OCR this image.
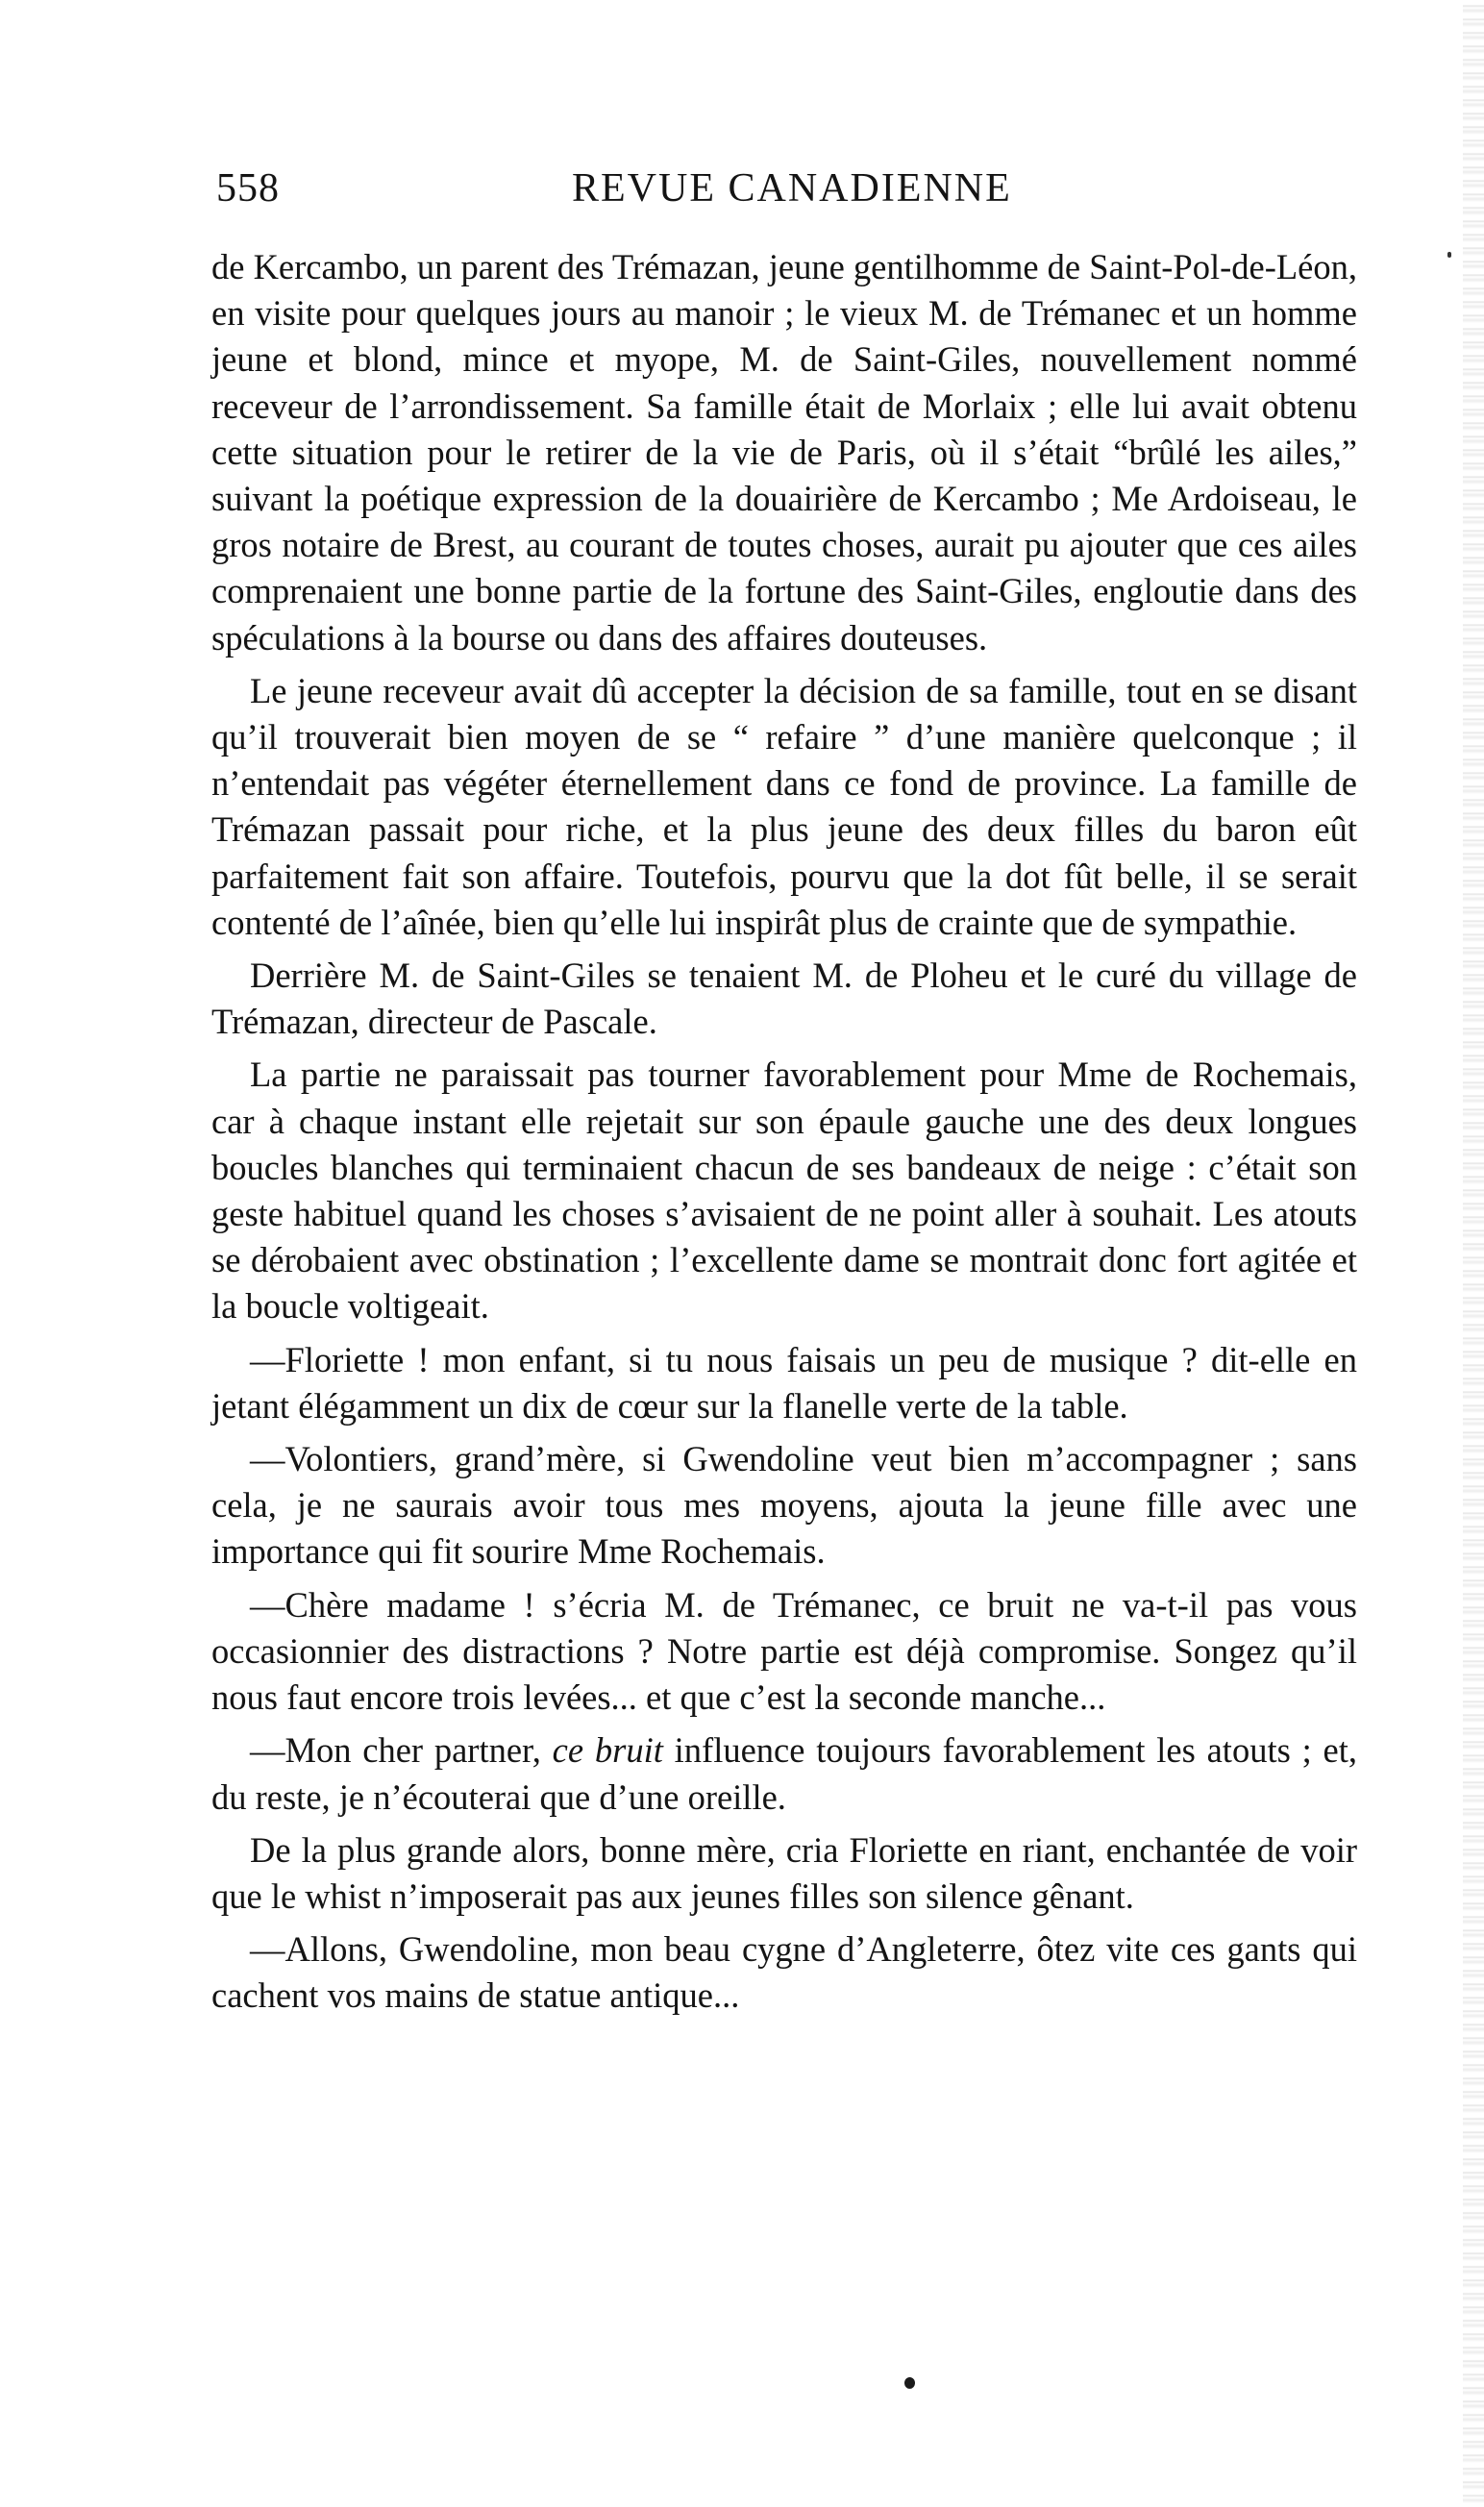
558	REVUE CANADIENNE

de Kercambo, un parent des Trémazan, jeune gentilhomme de Saint-Pol-de-Léon, en visite pour quelques jours au manoir ; le vieux M. de Trémanec et un homme jeune et blond, mince et myope, M. de Saint-Giles, nouvellement nommé receveur de l’arrondissement. Sa famille était de Morlaix ; elle lui avait obtenu cette situation pour le retirer de la vie de Paris, où il s’était “brûlé les ailes,” suivant la poétique expression de la douairière de Kercambo ; Me Ardoiseau, le gros notaire de Brest, au courant de toutes choses, aurait pu ajouter que ces ailes comprenaient une bonne partie de la fortune des Saint-Giles, engloutie dans des spéculations à la bourse ou dans des affaires douteuses.

Le jeune receveur avait dû accepter la décision de sa famille, tout en se disant qu’il trouverait bien moyen de se “ refaire ” d’une manière quelconque ; il n’entendait pas végéter éternellement dans ce fond de province. La famille de Trémazan passait pour riche, et la plus jeune des deux filles du baron eût parfaitement fait son affaire. Toutefois, pourvu que la dot fût belle, il se serait contenté de l’aînée, bien qu’elle lui inspirât plus de crainte que de sympathie.

Derrière M. de Saint-Giles se tenaient M. de Ploheu et le curé du village de Trémazan, directeur de Pascale.

La partie ne paraissait pas tourner favorablement pour Mme de Rochemais, car à chaque instant elle rejetait sur son épaule gauche une des deux longues boucles blanches qui terminaient chacun de ses bandeaux de neige : c’était son geste habituel quand les choses s’avisaient de ne point aller à souhait. Les atouts se dérobaient avec obstination ; l’excellente dame se montrait donc fort agitée et la boucle voltigeait.

—Floriette ! mon enfant, si tu nous faisais un peu de musique ? dit-elle en jetant élégamment un dix de cœur sur la flanelle verte de la table.

—Volontiers, grand’mère, si Gwendoline veut bien m’accompagner ; sans cela, je ne saurais avoir tous mes moyens, ajouta la jeune fille avec une importance qui fit sourire Mme Rochemais.

—Chère madame ! s’écria M. de Trémanec, ce bruit ne va-t-il pas vous occasionnier des distractions ? Notre partie est déjà compromise. Songez qu’il nous faut encore trois levées... et que c’est la seconde manche...

—Mon cher partner, ce bruit influence toujours favorablement les atouts ; et, du reste, je n’écouterai que d’une oreille.

De la plus grande alors, bonne mère, cria Floriette en riant, enchantée de voir que le whist n’imposerait pas aux jeunes filles son silence gênant.

—Allons, Gwendoline, mon beau cygne d’Angleterre, ôtez vite ces gants qui cachent vos mains de statue antique...
